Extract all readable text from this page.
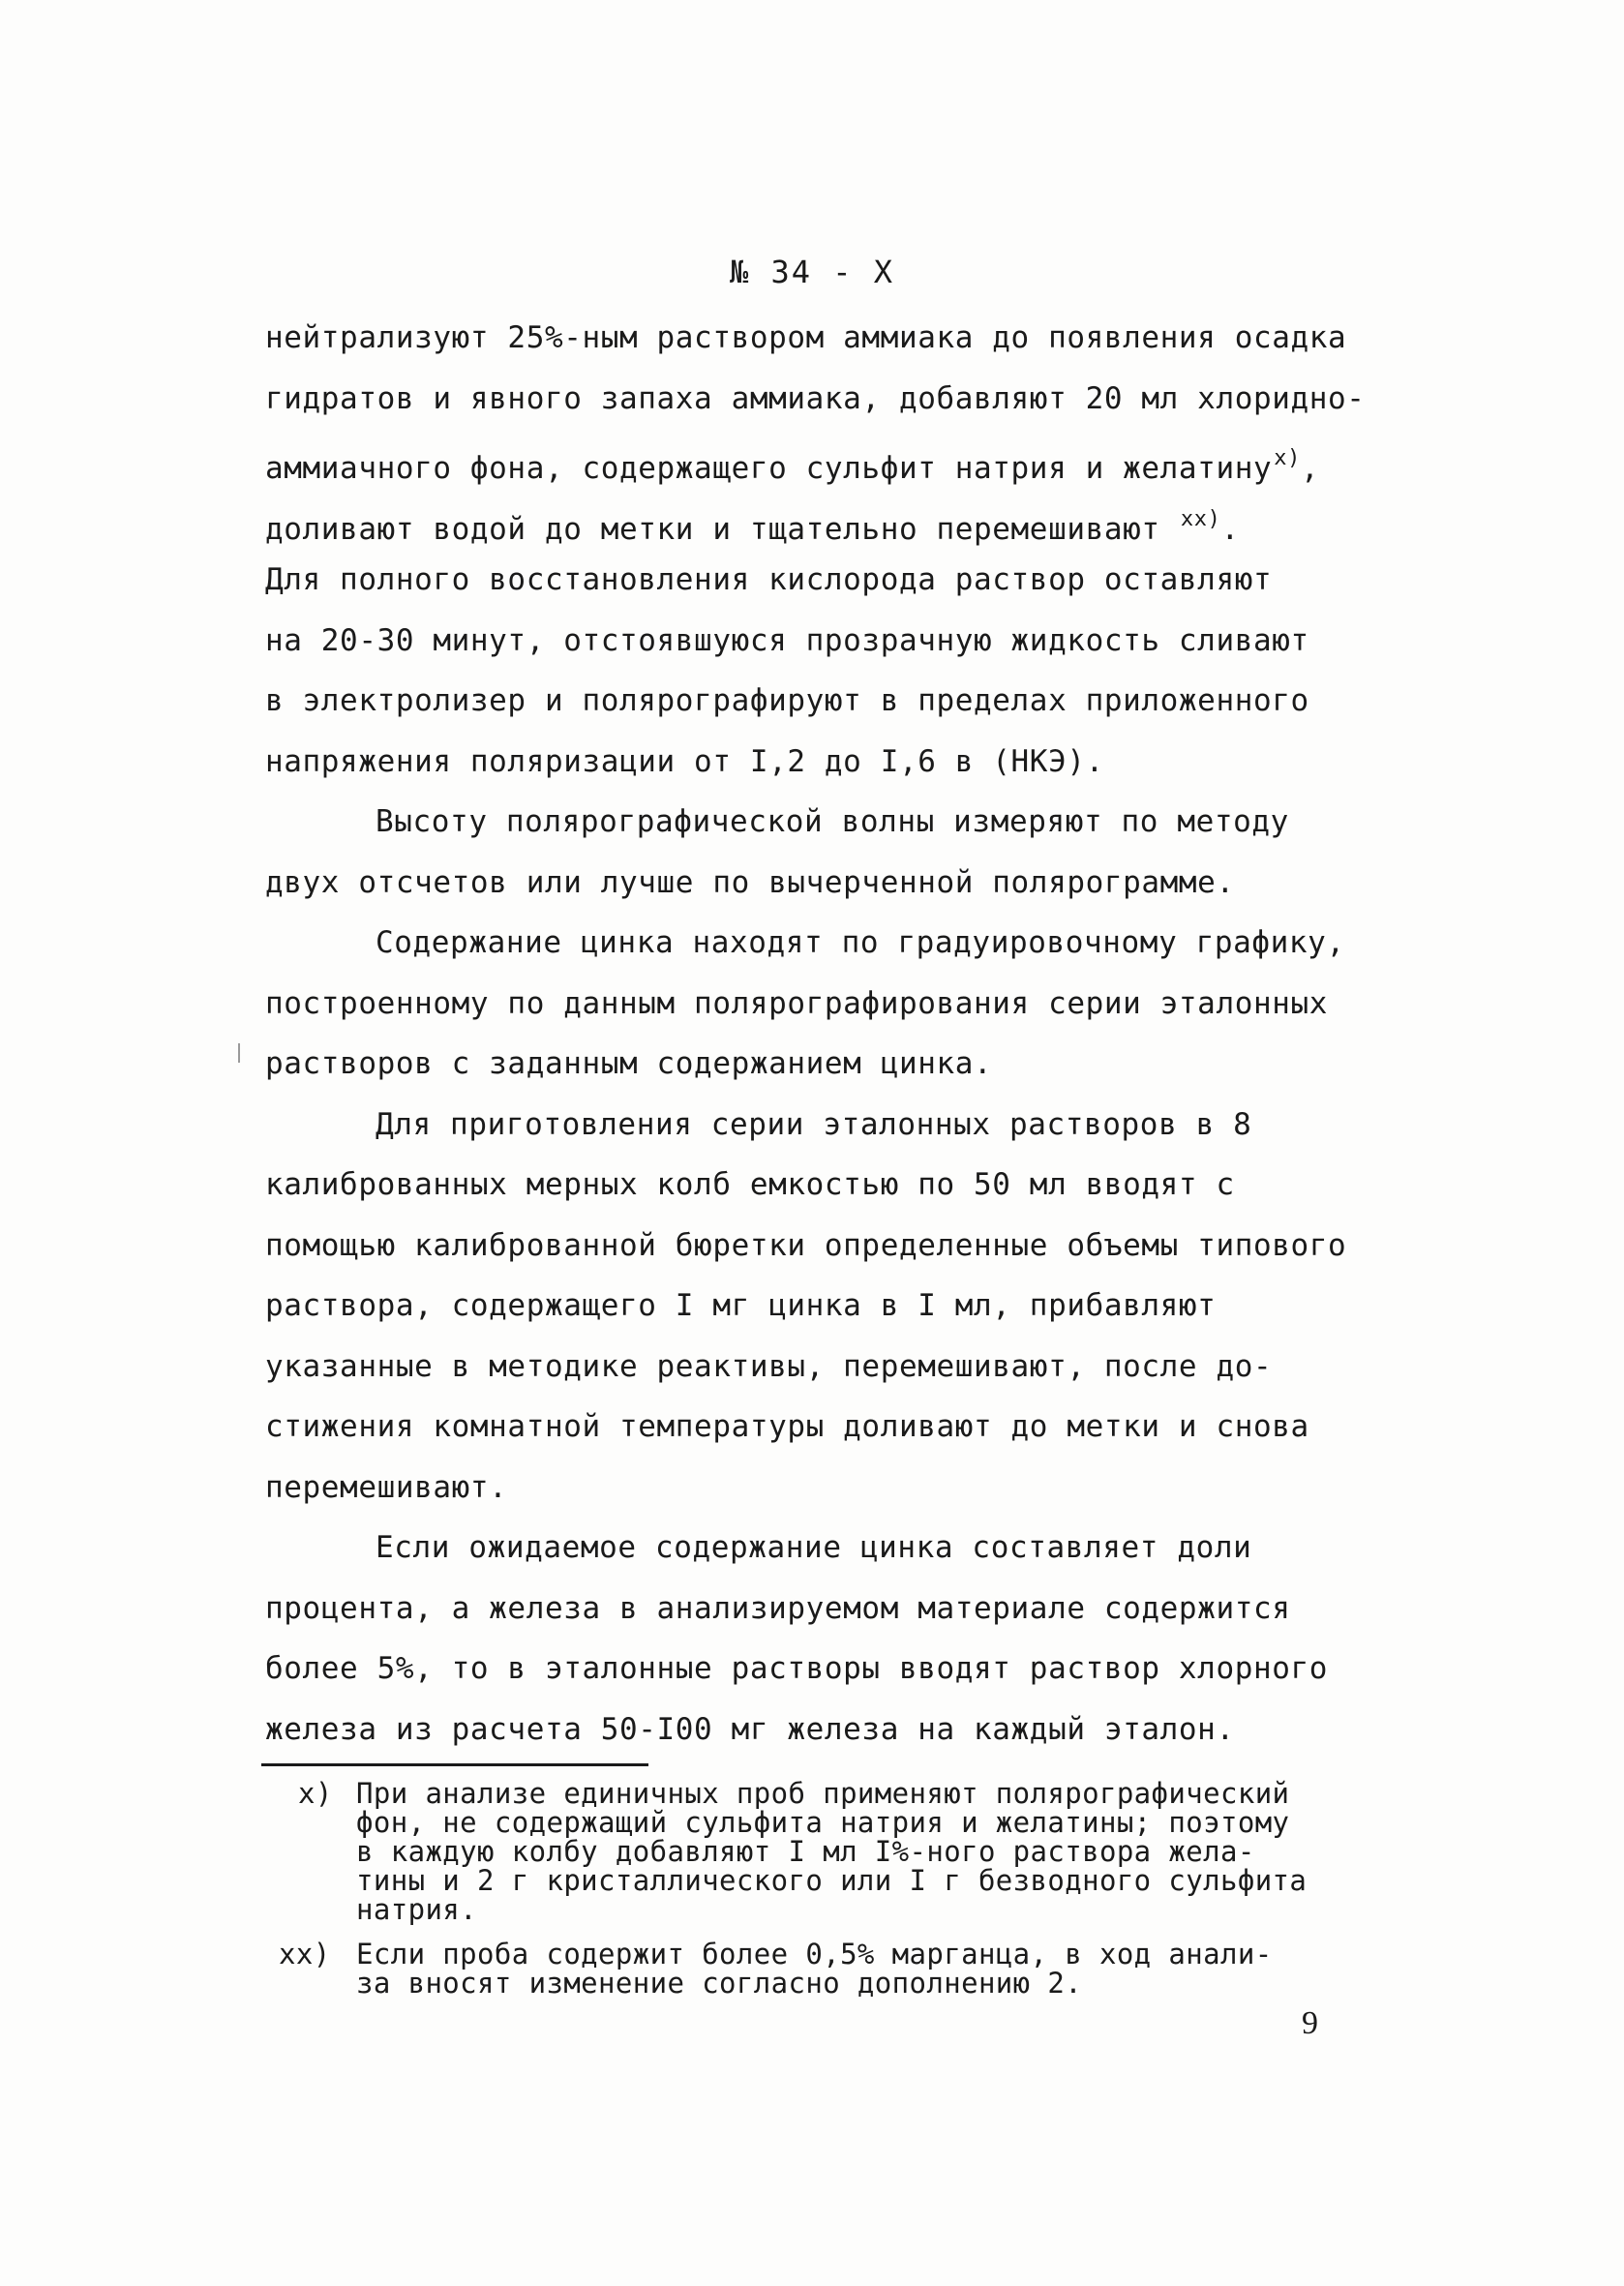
№ 34 - X
нейтрализуют 25%-ным раствором аммиака до появления осадка
гидратов и явного запаха аммиака, добавляют 20 мл хлоридно-
аммиачного фона, содержащего сульфит натрия и желатину$^{x)}$,
доливают водой до метки и тщательно перемешивают $^{xx)}$.
Для полного восстановления кислорода раствор оставляют
на 20-30 минут, отстоявшуюся прозрачную жидкость сливают
в электролизер и полярографируют в пределах приложенного
напряжения поляризации от I,2 до I,6 в (НКЭ).
Высоту полярографической волны измеряют по методу
двух отсчетов или лучше по вычерченной полярограмме.
Содержание цинка находят по градуировочному графику,
построенному по данным полярографирования серии эталонных
растворов с заданным содержанием цинка.
Для приготовления серии эталонных растворов в 8
калиброванных мерных колб емкостью по 50 мл вводят с
помощью калиброванной бюретки определенные объемы типового
раствора, содержащего I мг цинка в I мл, прибавляют
указанные в методике реактивы, перемешивают, после до-
стижения комнатной температуры доливают до метки и снова
перемешивают.
Если ожидаемое содержание цинка составляет доли
процента, а железа в анализируемом материале содержится
более 5%, то в эталонные растворы вводят раствор хлорного
железа из расчета 50-I00 мг железа на каждый эталон.
x) При анализе единичных проб применяют полярографический
фон, не содержащий сульфита натрия и желатины; поэтому
в каждую колбу добавляют I мл I%-ного раствора жела-
тины и 2 г кристаллического или I г безводного сульфита
натрия.
xx) Если проба содержит более 0,5% марганца, в ход анали-
за вносят изменение согласно дополнению 2.
9
